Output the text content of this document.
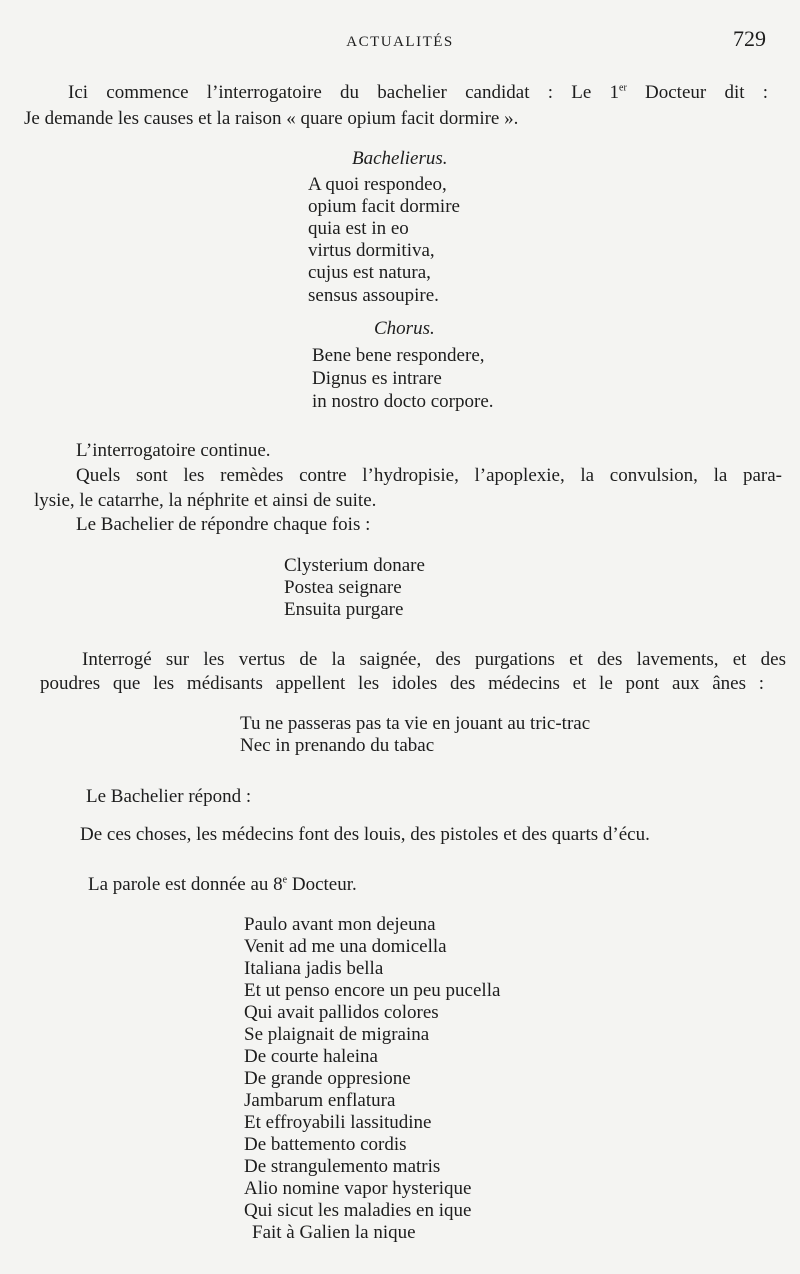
ACTUALITÉS	729
Ici commence l’interrogatoire du bachelier candidat : Le 1er Docteur dit :
Je demande les causes et la raison « quare opium facit dormire ».
Bachelierus.
A quoi respondeo,
opium facit dormire
quia est in eo
virtus dormitiva,
cujus est natura,
sensus assoupire.
Chorus.
Bene bene respondere,
Dignus es intrare
in nostro docto corpore.
L’interrogatoire continue.
Quels sont les remèdes contre l’hydropisie, l’apoplexie, la convulsion, la para-
lysie, le catarrhe, la néphrite et ainsi de suite.
Le Bachelier de répondre chaque fois :
Clysterium donare
Postea seignare
Ensuita purgare
Interrogé sur les vertus de la saignée, des purgations et des lavements, et des
poudres que les médisants appellent les idoles des médecins et le pont aux ânes :
Tu ne passeras pas ta vie en jouant au tric-trac
Nec in prenando du tabac
Le Bachelier répond :
De ces choses, les médecins font des louis, des pistoles et des quarts d’écu.
La parole est donnée au 8e Docteur.
Paulo avant mon dejeuna
Venit ad me una domicella
Italiana jadis bella
Et ut penso encore un peu pucella
Qui avait pallidos colores
Se plaignait de migraina
De courte haleina
De grande oppresione
Jambarum enflatura
Et effroyabili lassitudine
De battemento cordis
De strangulemento matris
Alio nomine vapor hysterique
Qui sicut les maladies en ique
Fait à Galien la nique
